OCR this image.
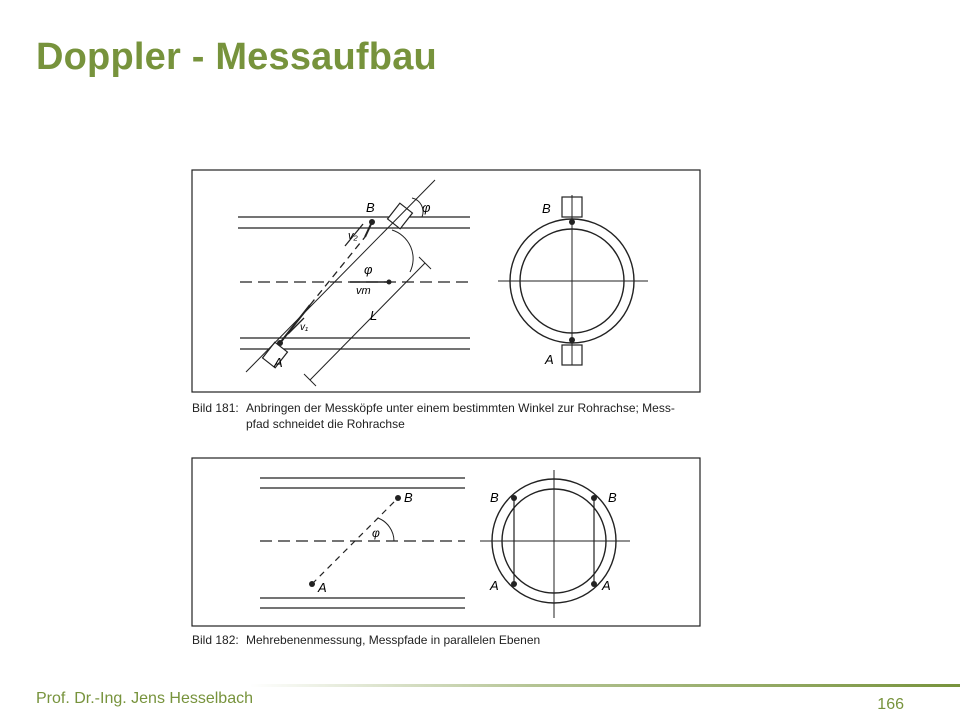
Doppler - Messaufbau
B	φ
v₂
φ
vm
L
v₁
A
B
A
B
A
φ
B	B
A	A
Bild 181: Anbringen der Messköpfe unter einem bestimmten Winkel zur Rohrachse; Mess-
pfad schneidet die Rohrachse
Bild 182: Mehrebenenmessung, Messpfade in parallelen Ebenen
Prof. Dr.-Ing. Jens Hesselbach	166
